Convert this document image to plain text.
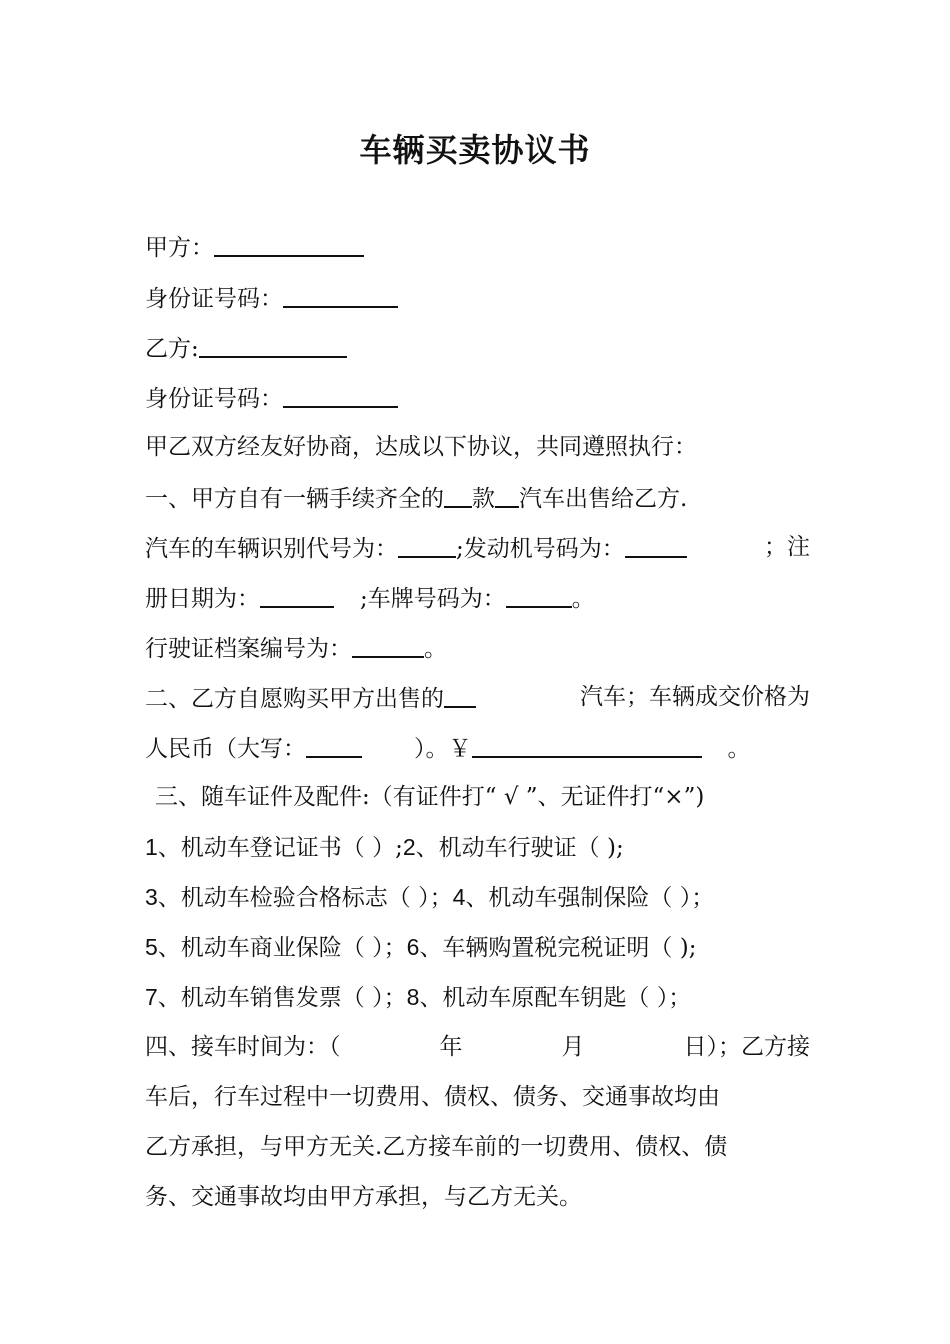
车辆买卖协议书
甲方：
身份证号码：
乙方:
身份证号码：
甲乙双方经友好协商，达成以下协议，共同遵照执行：
一、甲方自有一辆手续齐全的 款 汽车出售给乙方.
汽车的车辆识别代号为：	;发动机号码为：	；注
册日期为：	;车牌号码为：	。
行驶证档案编号为：	。
二、乙方自愿购买甲方出售的	汽车；车辆成交价格为
人民币（大写：	）。￥	。
三、随车证件及配件:（有证件打“ √ ”、无证件打“×”)
1、机动车登记证书（ ）;2、机动车行驶证（ );
3、机动车检验合格标志（ ）；4、机动车强制保险（ ）；
5、机动车商业保险（ ）；6、车辆购置税完税证明（ );
7、机动车销售发票（ ）；8、机动车原配车钥匙（ ）；
四、接车时间为：（	年	月	日）；乙方接
车后，行车过程中一切费用、债权、债务、交通事故均由
乙方承担，与甲方无关.乙方接车前的一切费用、债权、债
务、交通事故均由甲方承担，与乙方无关。
